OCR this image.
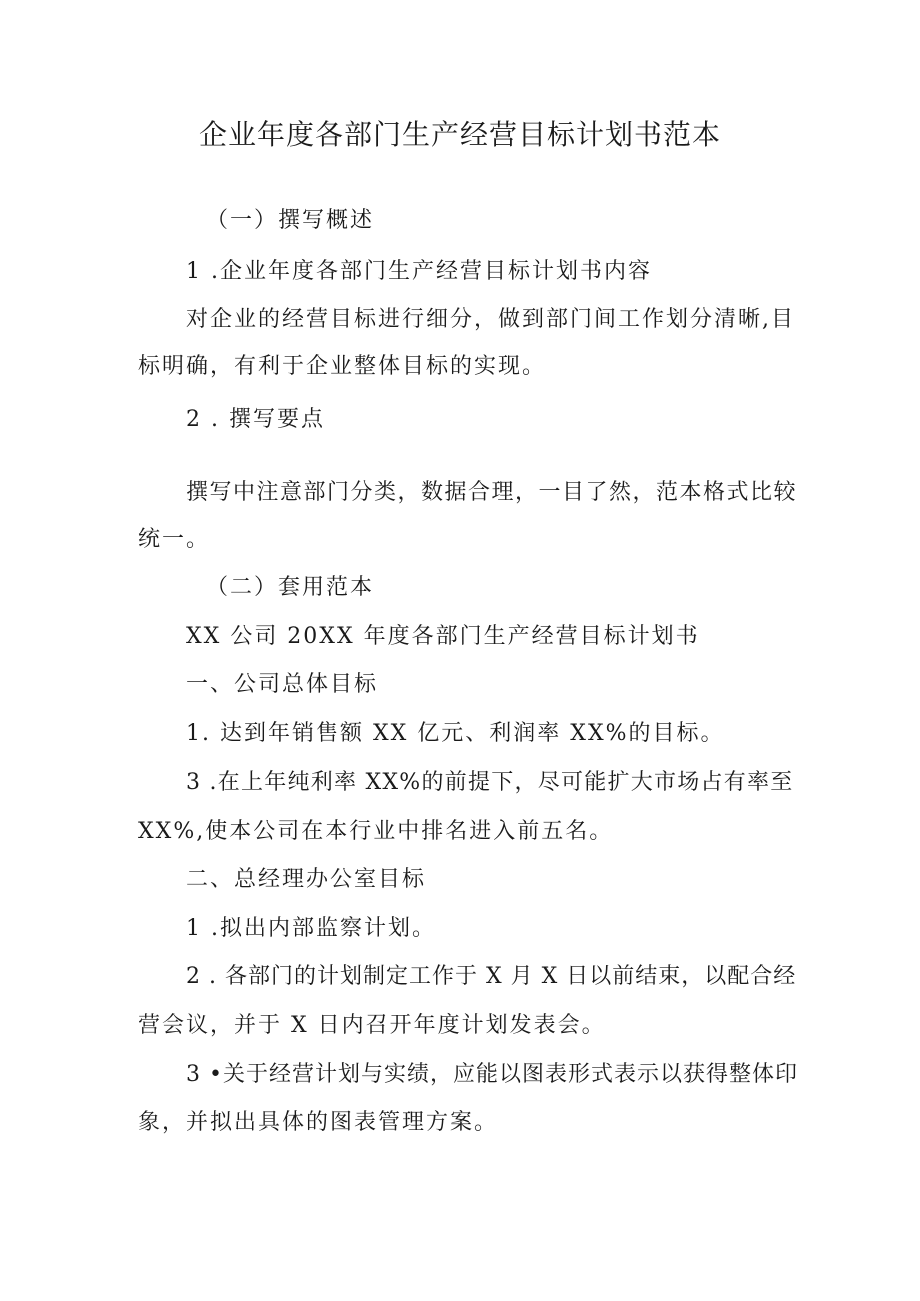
企业年度各部门生产经营目标计划书范本
（一）撰写概述
1 .企业年度各部门生产经营目标计划书内容
对企业的经营目标进行细分，做到部门间工作划分清晰,目
标明确，有利于企业整体目标的实现。
2 . 撰写要点
撰写中注意部门分类，数据合理，一目了然，范本格式比较
统一。
（二）套用范本
XX 公司 20XX 年度各部门生产经营目标计划书
一、公司总体目标
1. 达到年销售额 XX 亿元、利润率 XX%的目标。
3 .在上年纯利率 XX%的前提下，尽可能扩大市场占有率至
XX%,使本公司在本行业中排名进入前五名。
二、总经理办公室目标
1 .拟出内部监察计划。
2 . 各部门的计划制定工作于 X 月 X 日以前结束，以配合经
营会议，并于 X 日内召开年度计划发表会。
3 •关于经营计划与实绩，应能以图表形式表示以获得整体印
象，并拟出具体的图表管理方案。
